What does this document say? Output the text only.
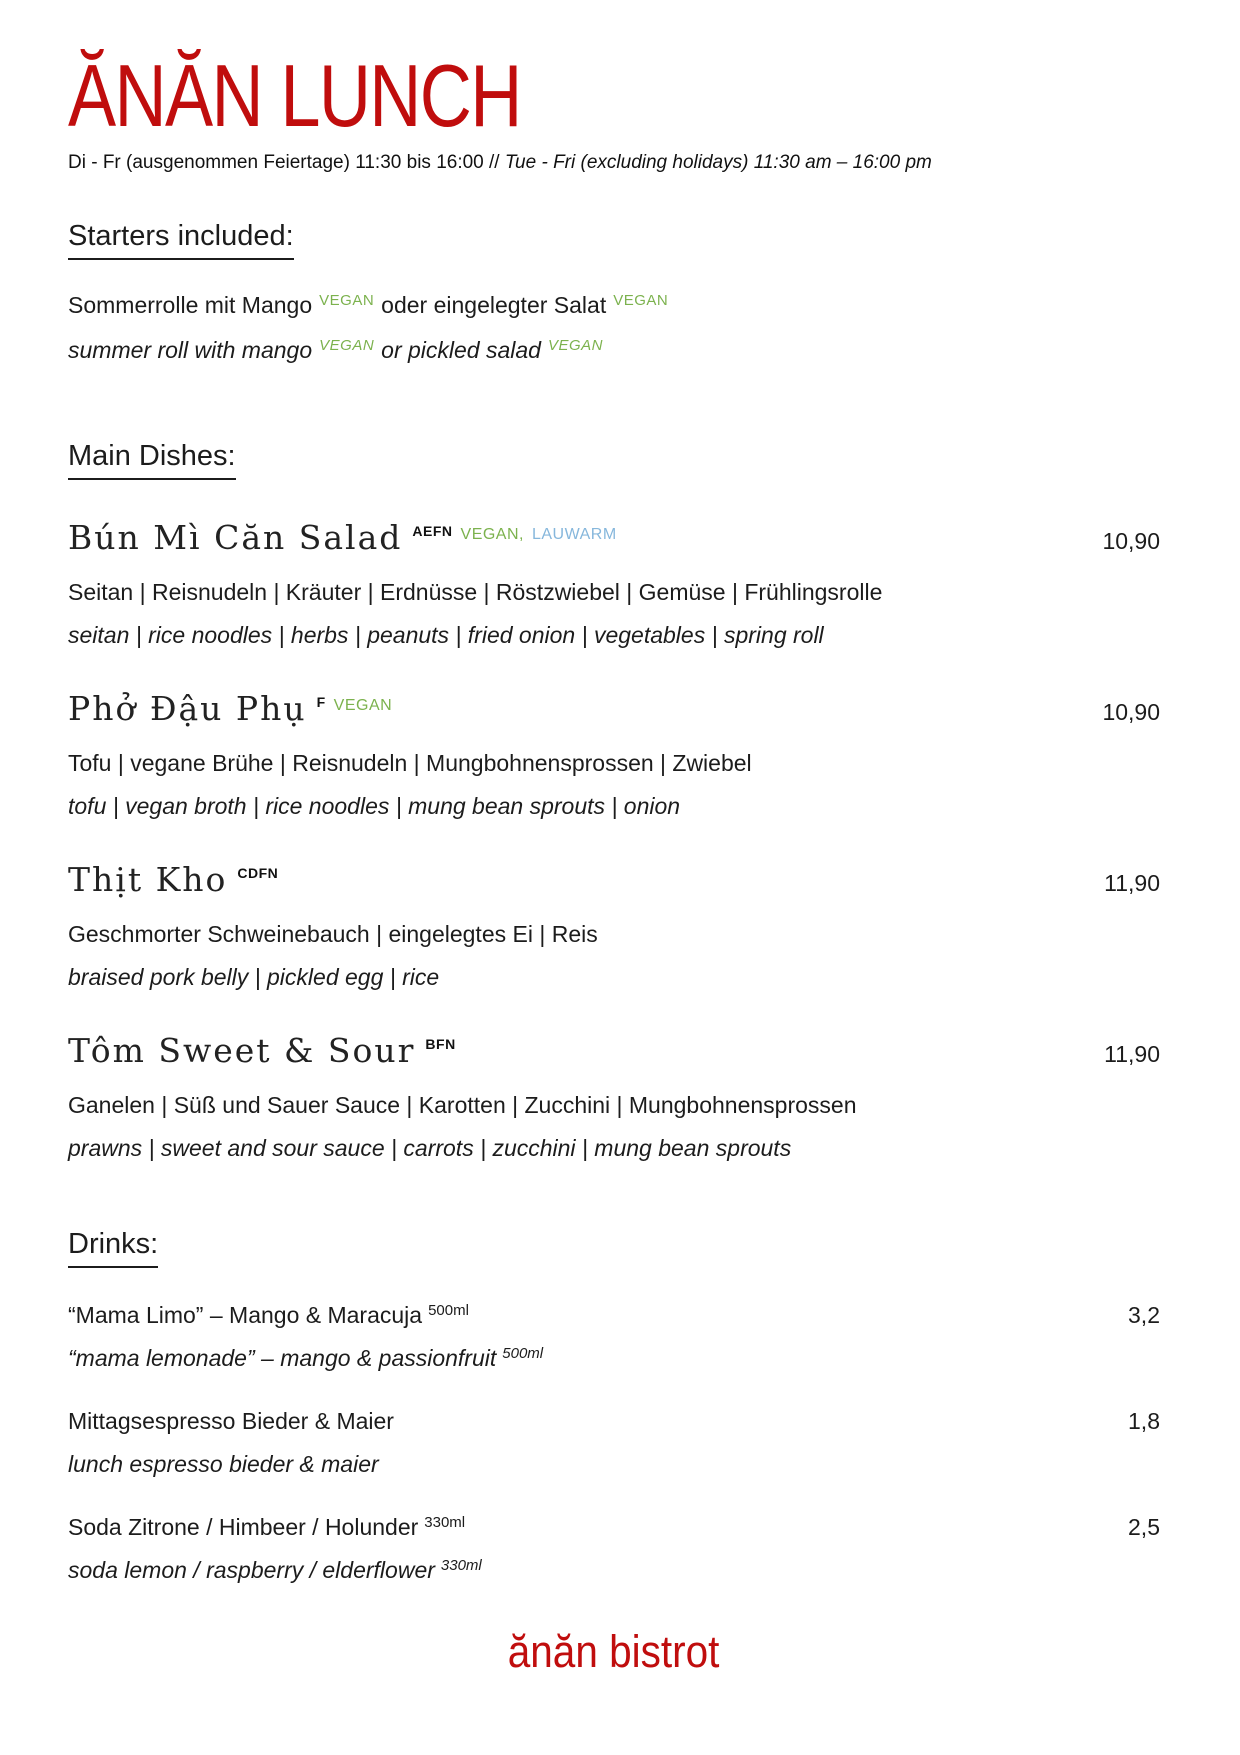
ĂNĂN LUNCH

Di - Fr (ausgenommen Feiertage) 11:30 bis 16:00 // Tue - Fri (excluding holidays) 11:30 am – 16:00 pm

Starters included:

Sommerrolle mit Mango $^{VEGAN}$ oder eingelegter Salat $^{VEGAN}$

summer roll with mango $^{VEGAN}$ or pickled salad $^{VEGAN}$

Main Dishes:
Bún Mì Căn Salad $^{AEFN}$ $^{VEGAN,}$ $^{LAUWARM}$	10,90

Seitan | Reisnudeln | Kräuter | Erdnüsse | Röstzwiebel | Gemüse | Frühlingsrolle

seitan | rice noodles | herbs | peanuts | fried onion | vegetables | spring roll

Phở Đậu Phụ $^F$ $^{VEGAN}$	10,90

Tofu | vegane Brühe | Reisnudeln | Mungbohnensprossen | Zwiebel

tofu | vegan broth | rice noodles | mung bean sprouts | onion

Thịt Kho $^{CDFN}$	11,90

Geschmorter Schweinebauch | eingelegtes Ei | Reis

braised pork belly | pickled egg | rice

Tôm Sweet & Sour $^{BFN}$	11,90

Ganelen | Süß und Sauer Sauce | Karotten | Zucchini | Mungbohnensprossen

prawns | sweet and sour sauce | carrots | zucchini | mung bean sprouts

Drinks:
“Mama Limo” – Mango & Maracuja $^{500ml}$	3,2

“mama lemonade” – mango & passionfruit $^{500ml}$

Mittagsespresso Bieder & Maier	1,8

lunch espresso bieder & maier

Soda Zitrone / Himbeer / Holunder $^{330ml}$	2,5

soda lemon / raspberry / elderflower $^{330ml}$

ănăn bistrot
